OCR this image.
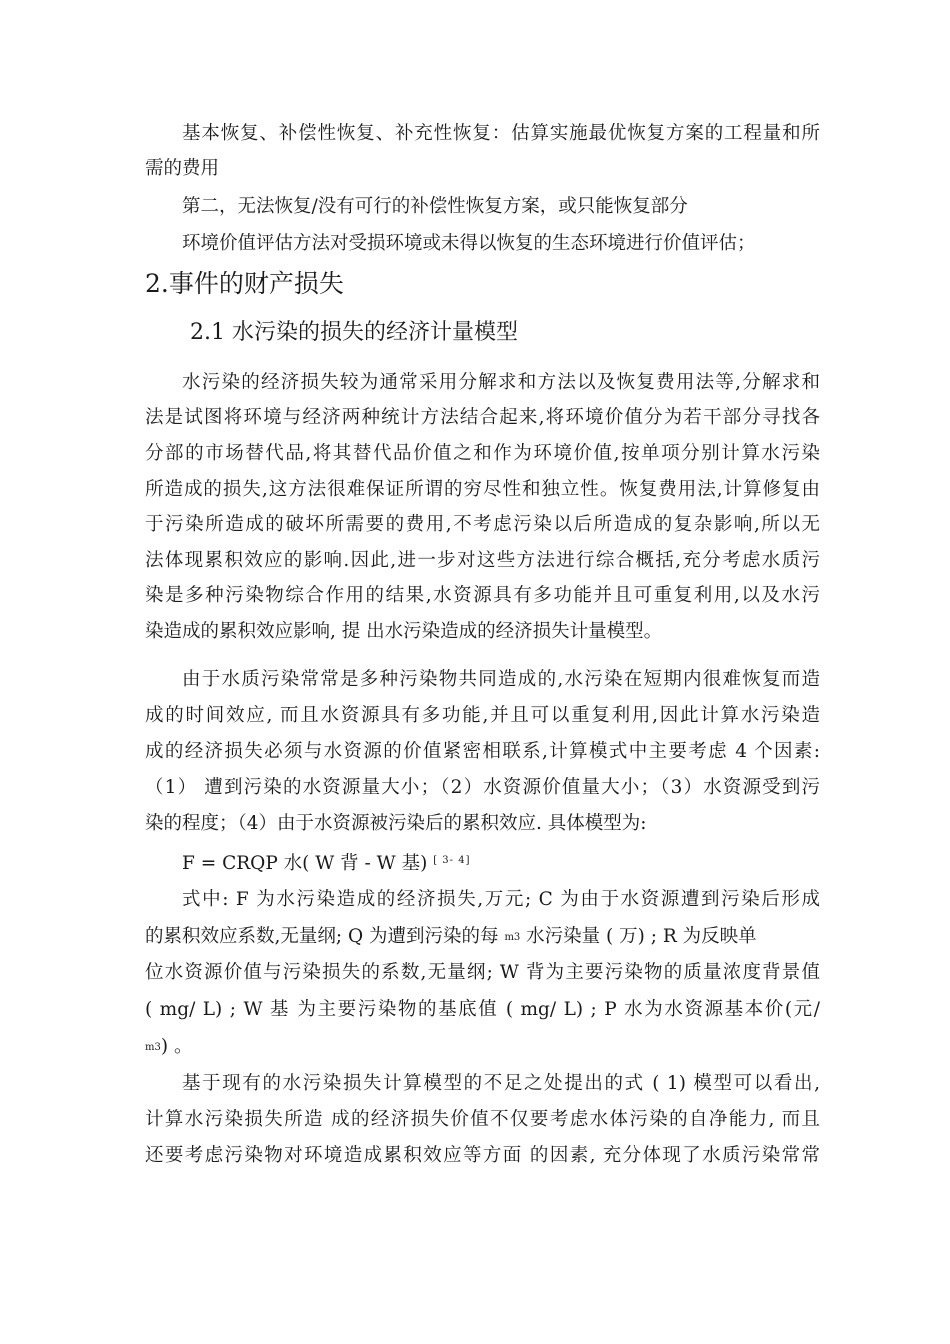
基本恢复、补偿性恢复、补充性恢复：估算实施最优恢复方案的工程量和所
需的费用
第二，无法恢复/没有可行的补偿性恢复方案，或只能恢复部分
环境价值评估方法对受损环境或未得以恢复的生态环境进行价值评估；
2.事件的财产损失
2.1 水污染的损失的经济计量模型
水污染的经济损失较为通常采用分解求和方法以及恢复费用法等,分解求和
法是试图将环境与经济两种统计方法结合起来,将环境价值分为若干部分寻找各
分部的市场替代品,将其替代品价值之和作为环境价值,按单项分别计算水污染
所造成的损失,这方法很难保证所谓的穷尽性和独立性。恢复费用法,计算修复由
于污染所造成的破坏所需要的费用,不考虑污染以后所造成的复杂影响,所以无
法体现累积效应的影响.因此,进一步对这些方法进行综合概括,充分考虑水质污
染是多种污染物综合作用的结果,水资源具有多功能并且可重复利用,以及水污
染造成的累积效应影响, 提 出水污染造成的经济损失计量模型。
由于水质污染常常是多种污染物共同造成的,水污染在短期内很难恢复而造
成的时间效应, 而且水资源具有多功能,并且可以重复利用,因此计算水污染造
成的经济损失必须与水资源的价值紧密相联系,计算模式中主要考虑 4 个因素:
（1） 遭到污染的水资源量大小；（2）水资源价值量大小；（3）水资源受到污
染的程度；（4）由于水资源被污染后的累积效应. 具体模型为:
F = CRQP 水( W 背 - W 基) [ 3- 4]
式中: F 为水污染造成的经济损失,万元; C 为由于水资源遭到污染后形成
的累积效应系数,无量纲; Q 为遭到污染的每 m3 水污染量 ( 万) ; R 为反映单
位水资源价值与污染损失的系数,无量纲; W 背为主要污染物的质量浓度背景值
( mg/ L) ; W 基 为主要污染物的基底值 ( mg/ L) ; P 水为水资源基本价(元/
m3) 。
基于现有的水污染损失计算模型的不足之处提出的式 ( 1) 模型可以看出,
计算水污染损失所造 成的经济损失价值不仅要考虑水体污染的自净能力, 而且
还要考虑污染物对环境造成累积效应等方面 的因素, 充分体现了水质污染常常
